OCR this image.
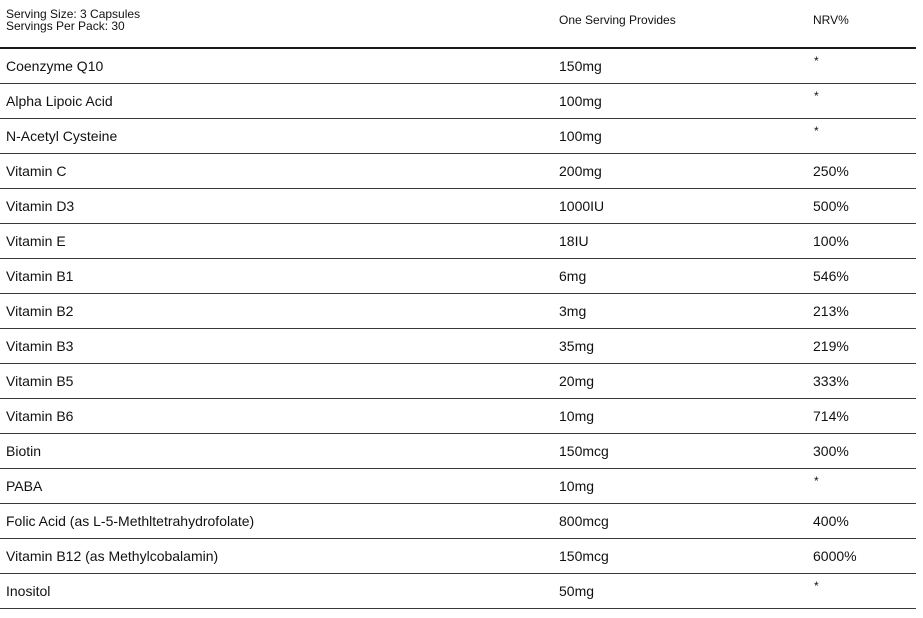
Serving Size: 3 Capsules
Servings Per Pack: 30	One Serving Provides	NRV%
Coenzyme Q10	150mg	*
Alpha Lipoic Acid	100mg	*
N-Acetyl Cysteine	100mg	*
Vitamin C	200mg	250%
Vitamin D3	1000IU	500%
Vitamin E	18IU	100%
Vitamin B1	6mg	546%
Vitamin B2	3mg	213%
Vitamin B3	35mg	219%
Vitamin B5	20mg	333%
Vitamin B6	10mg	714%
Biotin	150mcg	300%
PABA	10mg	*
Folic Acid (as L-5-Methltetrahydrofolate)	800mcg	400%
Vitamin B12 (as Methylcobalamin)	150mcg	6000%
Inositol	50mg	*
